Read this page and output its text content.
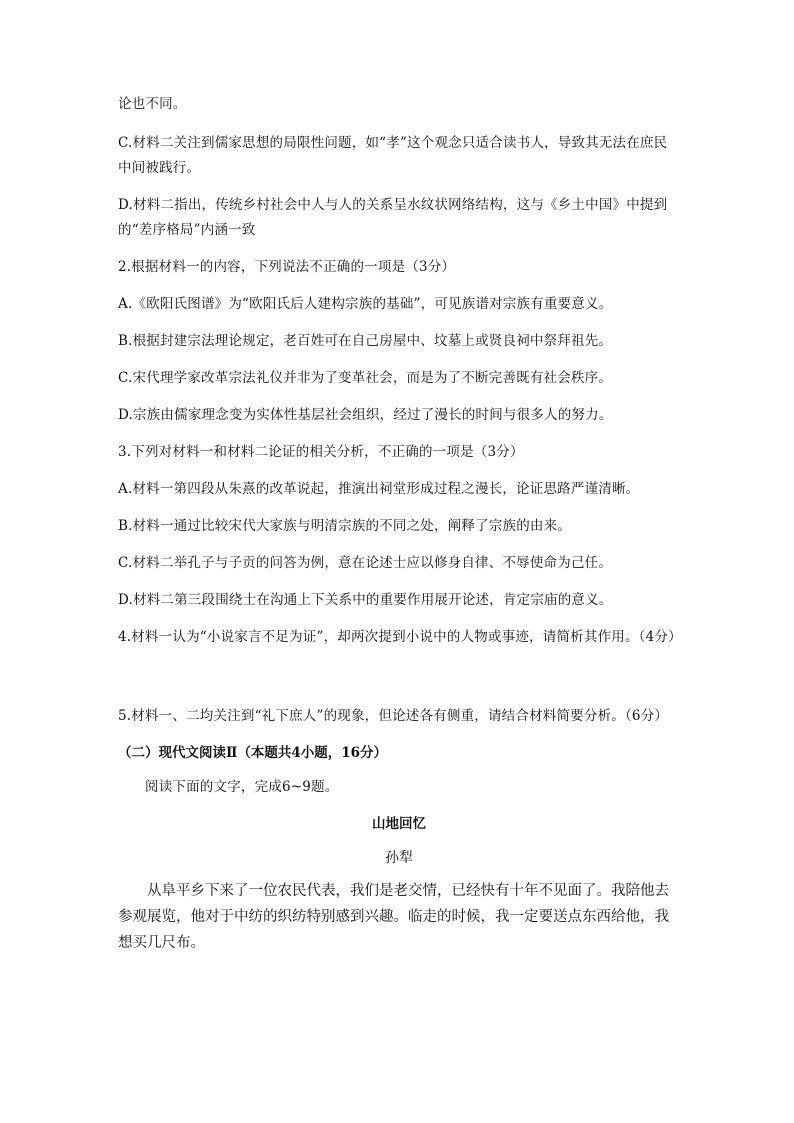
论也不同。

C.材料二关注到儒家思想的局限性问题，如“孝”这个观念只适合读书人，导致其无法在庶民中间被践行。

D.材料二指出，传统乡村社会中人与人的关系呈水纹状网络结构，这与《乡土中国》中提到的“差序格局”内涵一致

2.根据材料一的内容，下列说法不正确的一项是（3分）

A.《欧阳氏图谱》为“欧阳氏后人建构宗族的基础”，可见族谱对宗族有重要意义。

B.根据封建宗法理论规定，老百姓可在自己房屋中、坟墓上或贤良祠中祭拜祖先。

C.宋代理学家改革宗法礼仪并非为了变革社会，而是为了不断完善既有社会秩序。

D.宗族由儒家理念变为实体性基层社会组织，经过了漫长的时间与很多人的努力。

3.下列对材料一和材料二论证的相关分析，不正确的一项是（3分）

A.材料一第四段从朱熹的改革说起，推演出祠堂形成过程之漫长，论证思路严谨清晰。

B.材料一通过比较宋代大家族与明清宗族的不同之处，阐释了宗族的由来。

C.材料二举孔子与子贡的问答为例，意在论述士应以修身自律、不辱使命为己任。

D.材料二第三段围绕士在沟通上下关系中的重要作用展开论述，肯定宗庙的意义。

4.材料一认为“小说家言不足为证”，却两次提到小说中的人物或事迹，请简析其作用。（4分）

5.材料一、二均关注到“礼下庶人”的现象，但论述各有侧重，请结合材料简要分析。（6分）

（二）现代文阅读Ⅱ（本题共4小题，16分）

阅读下面的文字，完成6~9题。

山地回忆

孙犁

从阜平乡下来了一位农民代表，我们是老交情，已经快有十年不见面了。我陪他去参观展览，他对于中纺的织纺特别感到兴趣。临走的时候，我一定要送点东西给他，我想买几尺布。
